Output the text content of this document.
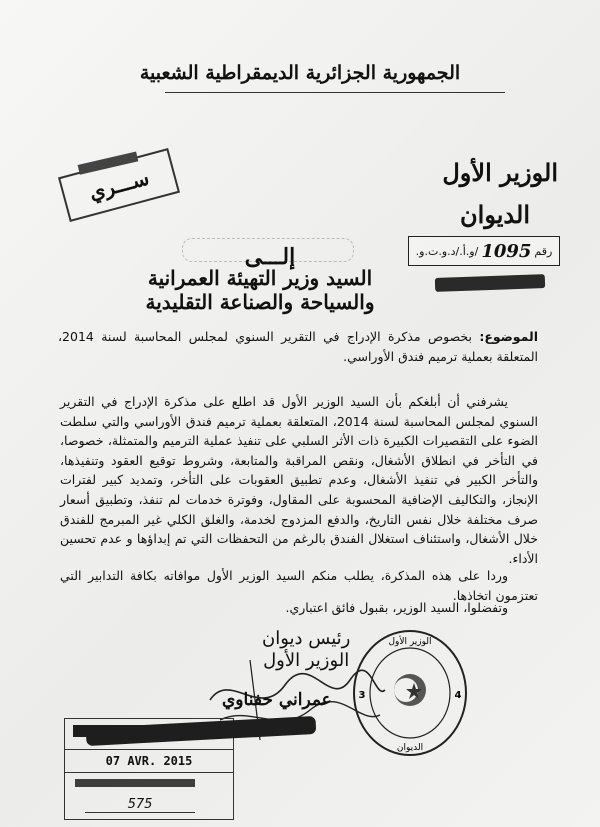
الجمهورية الجزائرية الديمقراطية الشعبية
الوزير الأول
الديوان
رقم
1095
/و.أ./د.و.ت.و.
ســـري
إلـــى
السيد وزير التهيئة العمرانية
والسياحة والصناعة التقليدية
الموضوع: بخصوص مذكرة الإدراج في التقرير السنوي لمجلس المحاسبة لسنة 2014، المتعلقة بعملية ترميم فندق الأوراسي.
يشرفني أن أبلغكم بأن السيد الوزير الأول قد اطلع على مذكرة الإدراج في التقرير السنوي لمجلس المحاسبة لسنة 2014، المتعلقة بعملية ترميم فندق الأوراسي والتي سلطت الضوء على التقصيرات الكبيرة ذات الأثر السلبي على تنفيذ عملية الترميم والمتمثلة، خصوصا، في التأخر في انطلاق الأشغال، ونقص المراقبة والمتابعة، وشروط توقيع العقود وتنفيذها، والتأخر الكبير في تنفيذ الأشغال، وعدم تطبيق العقوبات على التأخر، وتمديد كبير لفترات الإنجاز، والتكاليف الإضافية المحسوبة على المقاول، وفوترة خدمات لم تنفذ، وتطبيق أسعار صرف مختلفة خلال نفس التاريخ، والدفع المزدوج لخدمة، والغلق الكلي غير المبرمج للفندق خلال الأشغال، واستئناف استغلال الفندق بالرغم من التحفظات التي تم إبداؤها و عدم تحسين الأداء.
وردا على هذه المذكرة، يطلب منكم السيد الوزير الأول موافاته بكافة التدابير التي تعتزمون اتخاذها.
وتفضلوا، السيد الوزير، بقبول فائق اعتباري.
رئيس ديوان
الوزير الأول
عمراني حفناوي
الوزير الأول
الديوان
3	4
07 AVR. 2015
575
